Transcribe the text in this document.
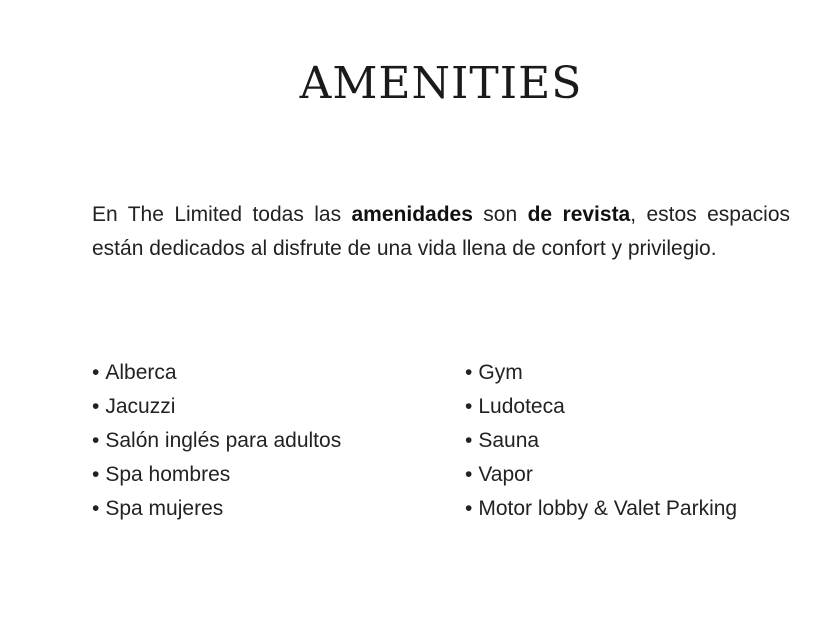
AMENITIES

En The Limited todas las amenidades son de revista, estos espacios están dedicados al disfrute de una vida llena de confort y privilegio.

• Alberca
• Jacuzzi
• Salón inglés para adultos
• Spa hombres
• Spa mujeres
• Gym
• Ludoteca
• Sauna
• Vapor
• Motor lobby & Valet Parking
